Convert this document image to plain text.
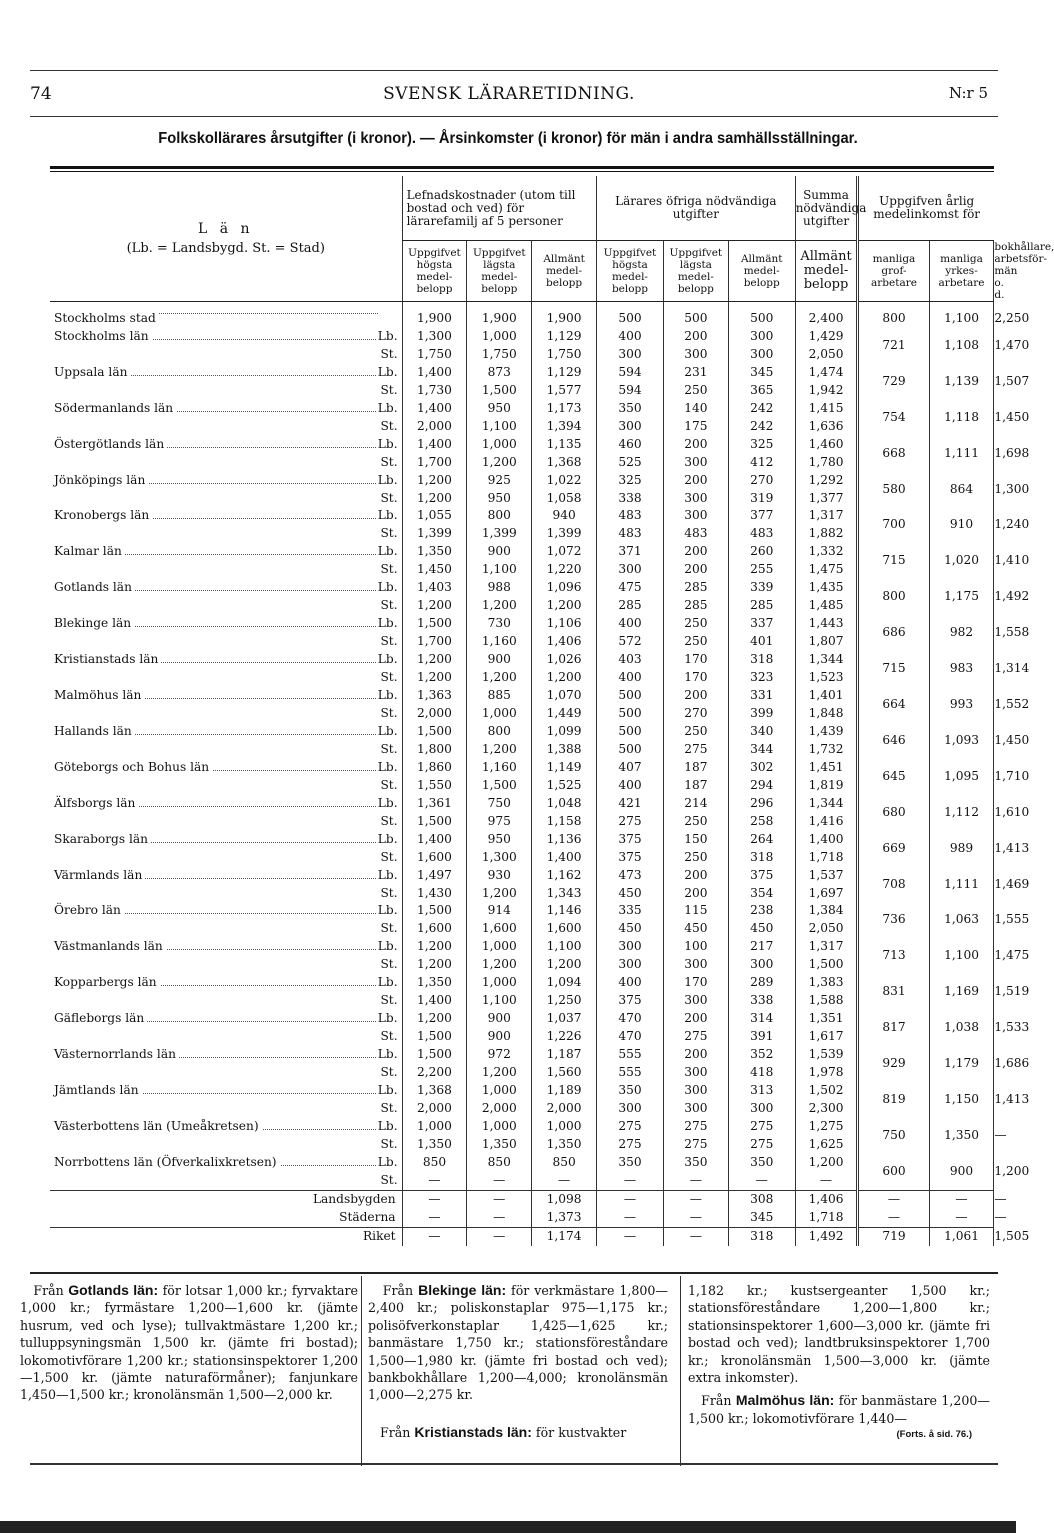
74	SVENSK LÄRARETIDNING.	N:r 5
Folkskollärares årsutgifter (i kronor). — Årsinkomster (i kronor) för män i andra samhällsställningar.
L ä n
(Lb. = Landsbygd. St. = Stad)	Lefnadskostnader (utom till bostad och ved) för lärarefamilj af 5 personer			Lärares öfriga nödvändiga utgifter			Summa nödvändiga utgifter	Uppgifven årlig medelinkomst för		
	Uppgifvet högsta medel-belopp	Uppgifvet lägsta medel-belopp	Allmänt medel-belopp	Uppgifvet högsta medel-belopp	Uppgifvet lägsta medel-belopp	Allmänt medel-belopp	Allmänt medel-belopp	manliga grof-arbetare	manliga yrkes-arbetare	bokhållare, arbetsför-män o. d.
Stockholms stad	1,900	1,900	1,900	500	500	500	2,400	800	1,100	2,250
Stockholms län Lb.	1,300	1,000	1,129	400	200	300	1,429	721	1,108	1,470

St.	1,750	1,750	1,750	300	300	300	2,050			
Uppsala län Lb.	1,400	873	1,129	594	231	345	1,474	729	1,139	1,507

St.	1,730	1,500	1,577	594	250	365	1,942			
Södermanlands län Lb.	1,400	950	1,173	350	140	242	1,415	754	1,118	1,450

St.	2,000	1,100	1,394	300	175	242	1,636			
Östergötlands län Lb.	1,400	1,000	1,135	460	200	325	1,460	668	1,111	1,698

St.	1,700	1,200	1,368	525	300	412	1,780			
Jönköpings län Lb.	1,200	925	1,022	325	200	270	1,292	580	864	1,300

St.	1,200	950	1,058	338	300	319	1,377			
Kronobergs län Lb.	1,055	800	940	483	300	377	1,317	700	910	1,240

St.	1,399	1,399	1,399	483	483	483	1,882			
Kalmar län Lb.	1,350	900	1,072	371	200	260	1,332	715	1,020	1,410

St.	1,450	1,100	1,220	300	200	255	1,475			
Gotlands län Lb.	1,403	988	1,096	475	285	339	1,435	800	1,175	1,492

St.	1,200	1,200	1,200	285	285	285	1,485			
Blekinge län Lb.	1,500	730	1,106	400	250	337	1,443	686	982	1,558

St.	1,700	1,160	1,406	572	250	401	1,807			
Kristianstads län Lb.	1,200	900	1,026	403	170	318	1,344	715	983	1,314

St.	1,200	1,200	1,200	400	170	323	1,523			
Malmöhus län Lb.	1,363	885	1,070	500	200	331	1,401	664	993	1,552

St.	2,000	1,000	1,449	500	270	399	1,848			
Hallands län Lb.	1,500	800	1,099	500	250	340	1,439	646	1,093	1,450

St.	1,800	1,200	1,388	500	275	344	1,732			
Göteborgs och Bohus län Lb.	1,860	1,160	1,149	407	187	302	1,451	645	1,095	1,710

St.	1,550	1,500	1,525	400	187	294	1,819			
Älfsborgs län Lb.	1,361	750	1,048	421	214	296	1,344	680	1,112	1,610

St.	1,500	975	1,158	275	250	258	1,416			
Skaraborgs län Lb.	1,400	950	1,136	375	150	264	1,400	669	989	1,413

St.	1,600	1,300	1,400	375	250	318	1,718			
Värmlands län Lb.	1,497	930	1,162	473	200	375	1,537	708	1,111	1,469

St.	1,430	1,200	1,343	450	200	354	1,697			
Örebro län Lb.	1,500	914	1,146	335	115	238	1,384	736	1,063	1,555

St.	1,600	1,600	1,600	450	450	450	2,050			
Västmanlands län Lb.	1,200	1,000	1,100	300	100	217	1,317	713	1,100	1,475

St.	1,200	1,200	1,200	300	300	300	1,500			
Kopparbergs län Lb.	1,350	1,000	1,094	400	170	289	1,383	831	1,169	1,519

St.	1,400	1,100	1,250	375	300	338	1,588			
Gäfleborgs län Lb.	1,200	900	1,037	470	200	314	1,351	817	1,038	1,533

St.	1,500	900	1,226	470	275	391	1,617			
Västernorrlands län Lb.	1,500	972	1,187	555	200	352	1,539	929	1,179	1,686

St.	2,200	1,200	1,560	555	300	418	1,978			
Jämtlands län Lb.	1,368	1,000	1,189	350	300	313	1,502	819	1,150	1,413

St.	2,000	2,000	2,000	300	300	300	2,300			
Västerbottens län (Umeåkretsen) Lb.	1,000	1,000	1,000	275	275	275	1,275	750	1,350	—

St.	1,350	1,350	1,350	275	275	275	1,625			
Norrbottens län (Öfverkalixkretsen) Lb.	850	850	850	350	350	350	1,200	600	900	1,200

St.	—	—	—	—	—	—	—			
Landsbygden	—	—	1,098	—	—	308	1,406	—	—	—
Städerna	—	—	1,373	—	—	345	1,718	—	—	—
Riket	—	—	1,174	—	—	318	1,492	719	1,061	1,505
Från Gotlands län: för lotsar 1,000 kr.; fyrvaktare 1,000 kr.; fyrmästare 1,200—1,600 kr. (jämte husrum, ved och lyse); tullvaktmästare 1,200 kr.; tulluppsyningsmän 1,500 kr. (jämte fri bostad); lokomotivförare 1,200 kr.; stationsinspektorer 1,200—1,500 kr. (jämte naturaförmåner); fanjunkare 1,450—1,500 kr.; kronolänsmän 1,500—2,000 kr.
Från Blekinge län: för verkmästare 1,800—2,400 kr.; poliskonstaplar 975—1,175 kr.; polisöfverkonstaplar 1,425—1,625 kr.; banmästare 1,750 kr.; stationsföreståndare 1,500—1,980 kr. (jämte fri bostad och ved); bankbokhållare 1,200—4,000; kronolänsmän 1,000—2,275 kr.
Från Kristianstads län: för kustvakter
1,182 kr.; kustsergeanter 1,500 kr.; stationsföreståndare 1,200—1,800 kr.; stationsinspektorer 1,600—3,000 kr. (jämte fri bostad och ved); landtbruksinspektorer 1,700 kr.; kronolänsmän 1,500—3,000 kr. (jämte extra inkomster).
Från Malmöhus län: för banmästare 1,200—1,500 kr.; lokomotivförare 1,440—
(Forts. å sid. 76.)
